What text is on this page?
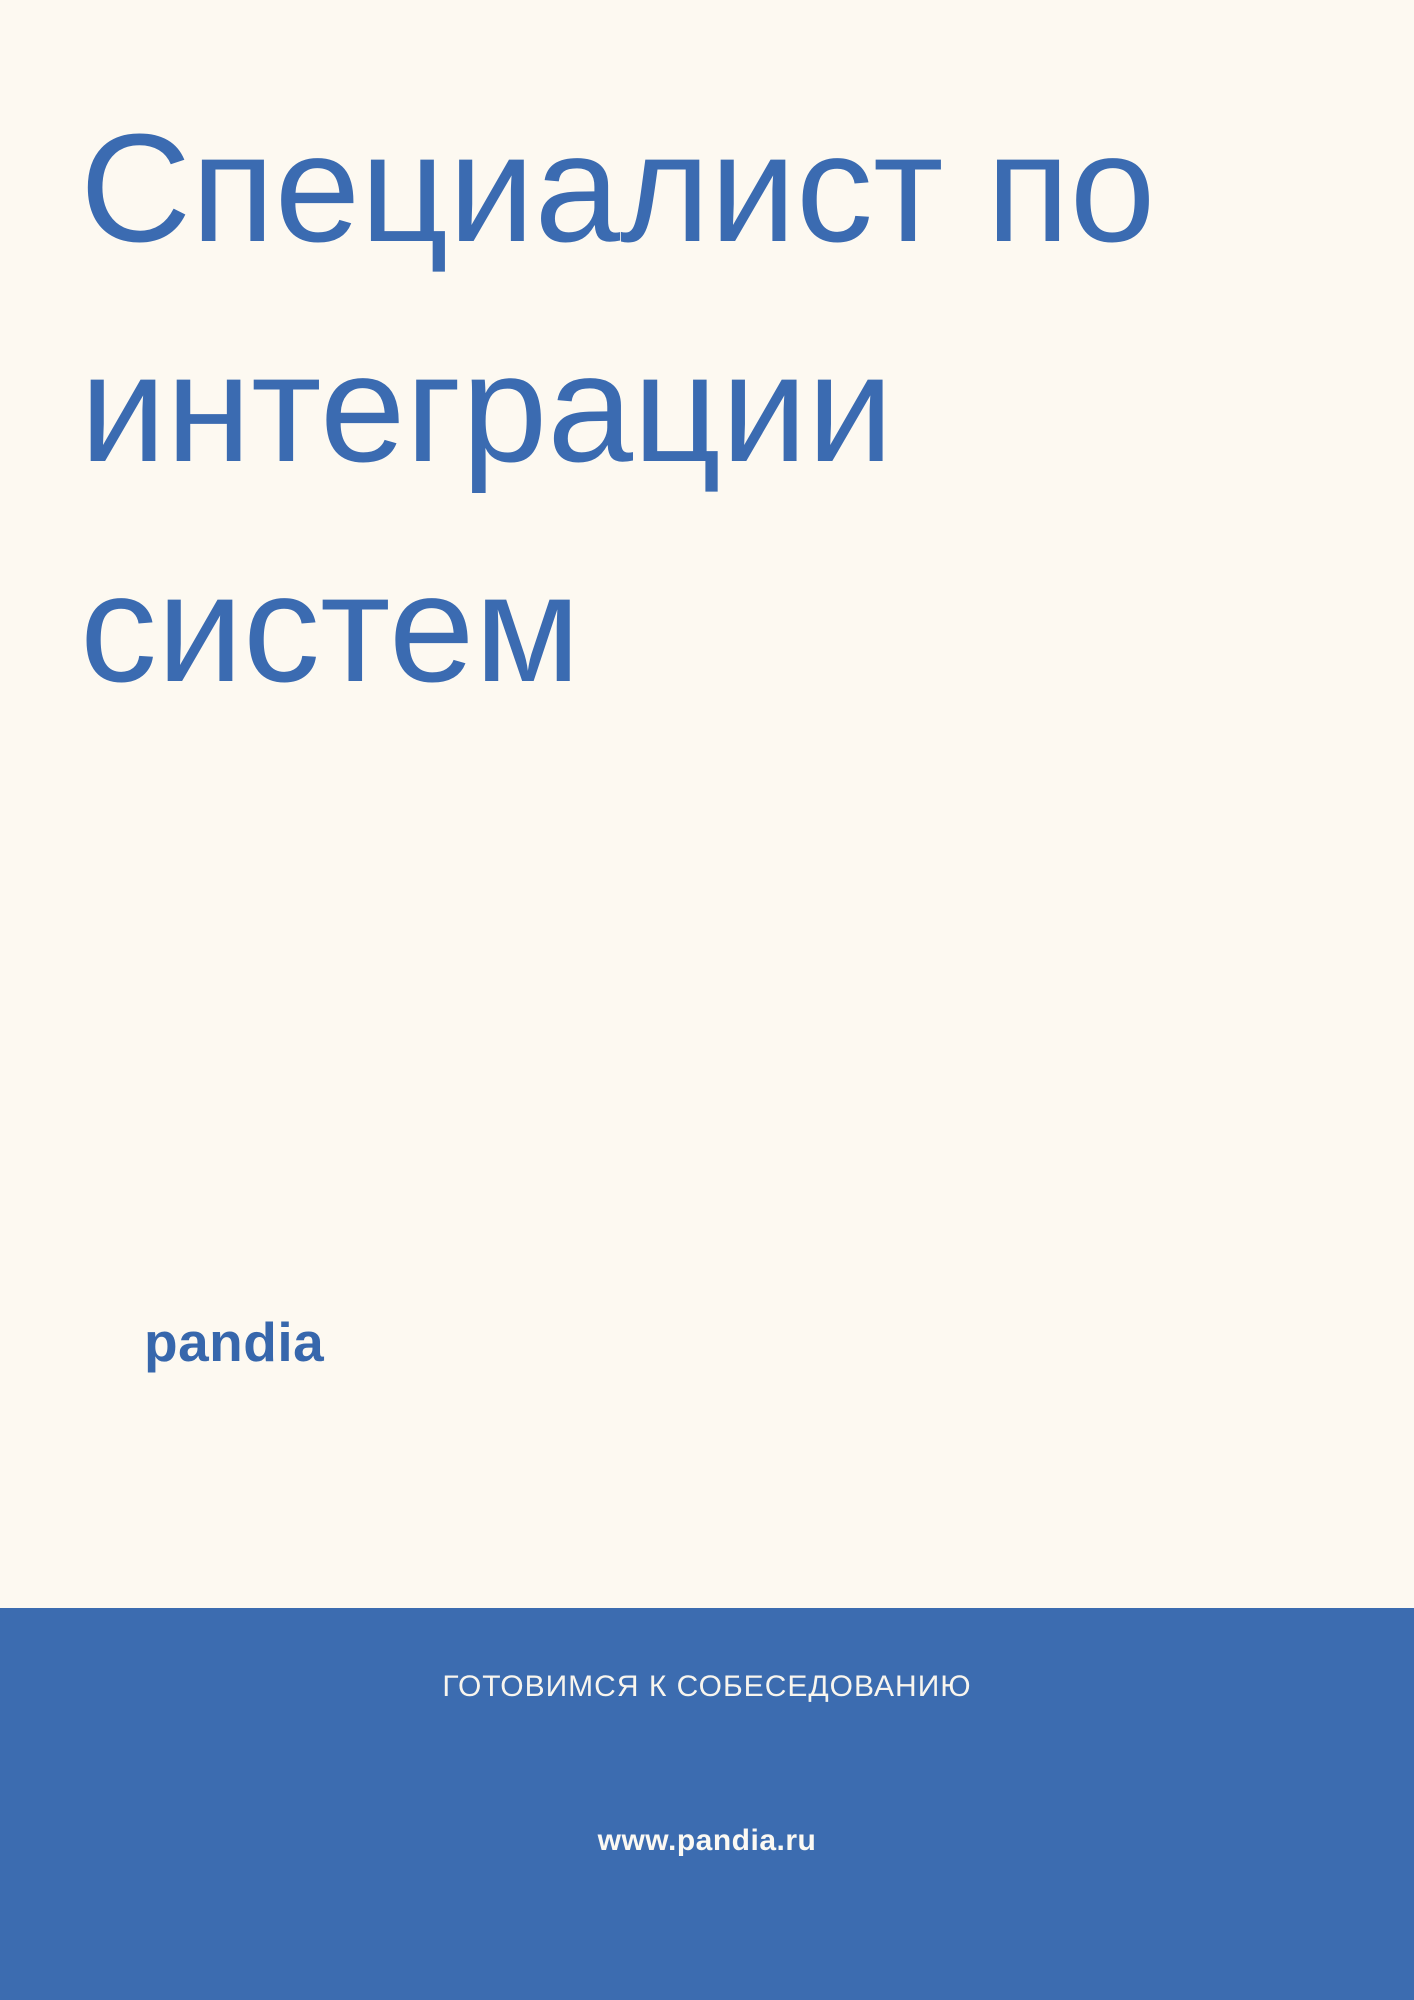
Специалист по
интеграции
систем
pandia
ГОТОВИМСЯ К СОБЕСЕДОВАНИЮ
www.pandia.ru
